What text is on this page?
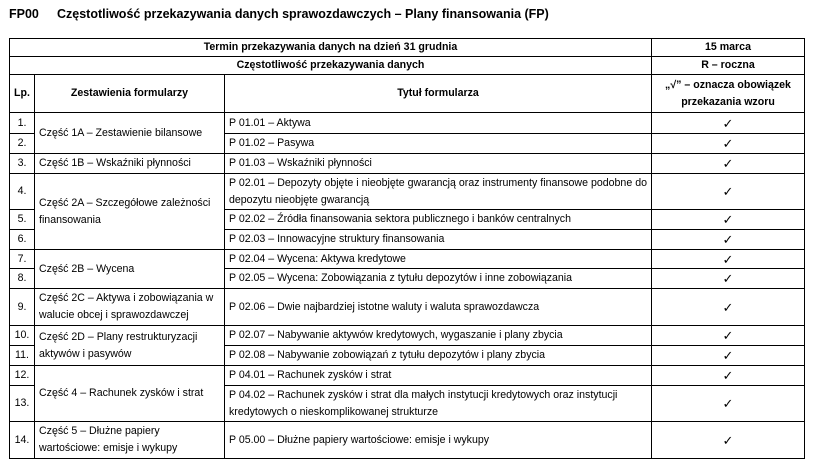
FP00 Częstotliwość przekazywania danych sprawozdawczych – Plany finansowania (FP)
Termin przekazywania danych na dzień 31 grudnia			15 marca
Częstotliwość przekazywania danych			R – roczna
Lp.	Zestawienia formularzy	Tytuł formularza	„√” – oznacza obowiązek przekazania wzoru
1.	Część 1A – Zestawienie bilansowe	P 01.01 – Aktywa	✓
2.		P 01.02 – Pasywa	✓
3.	Część 1B – Wskaźniki płynności	P 01.03 – Wskaźniki płynności	✓
4.	Część 2A – Szczegółowe zależności finansowania	P 02.01 – Depozyty objęte i nieobjęte gwarancją oraz instrumenty finansowe podobne do depozytu nieobjęte gwarancją	✓
5.		P 02.02 – Źródła finansowania sektora publicznego i banków centralnych	✓
6.		P 02.03 – Innowacyjne struktury finansowania	✓
7.	Część 2B – Wycena	P 02.04 – Wycena: Aktywa kredytowe	✓
8.		P 02.05 – Wycena: Zobowiązania z tytułu depozytów i inne zobowiązania	✓
9.	Część 2C – Aktywa i zobowiązania w walucie obcej i sprawozdawczej	P 02.06 – Dwie najbardziej istotne waluty i waluta sprawozdawcza	✓
10.	Część 2D – Plany restrukturyzacji aktywów i pasywów	P 02.07 – Nabywanie aktywów kredytowych, wygaszanie i plany zbycia	✓
11.		P 02.08 – Nabywanie zobowiązań z tytułu depozytów i plany zbycia	✓
12.	Część 4 – Rachunek zysków i strat	P 04.01 – Rachunek zysków i strat	✓
13.		P 04.02 – Rachunek zysków i strat dla małych instytucji kredytowych oraz instytucji kredytowych o nieskomplikowanej strukturze	✓
14.	Część 5 – Dłużne papiery wartościowe: emisje i wykupy	P 05.00 – Dłużne papiery wartościowe: emisje i wykupy	✓
